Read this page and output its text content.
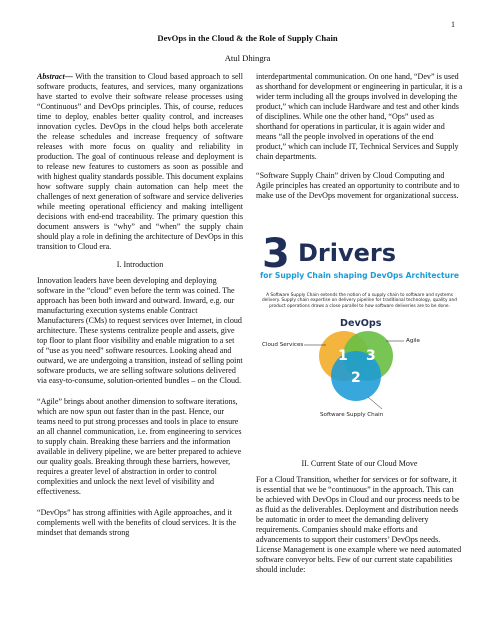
1
DevOps in the Cloud & the Role of Supply Chain
Atul Dhingra

Abstract— With the transition to Cloud based approach to sell software products, features, and services, many organizations have started to evolve their software release processes using “Continuous” and DevOps principles. This, of course, reduces time to deploy, enables better quality control, and increases innovation cycles. DevOps in the cloud helps both accelerate the release schedules and increase frequency of software releases with more focus on quality and reliability in production. The goal of continuous release and deployment is to release new features to customers as soon as possible and with highest quality standards possible. This document explains how software supply chain automation can help meet the challenges of next generation of software and service deliveries while meeting operational efficiency and making intelligent decisions with end-end traceability. The primary question this document answers is “why” and “when” the supply chain should play a role in defining the architecture of DevOps in this transition to Cloud era.

I. Introduction

Innovation leaders have been developing and deploying software in the “cloud” even before the term was coined. The approach has been both inward and outward. Inward, e.g. our manufacturing execution systems enable Contract Manufacturers (CMs) to request services over Internet, in cloud architecture. These systems centralize people and assets, give top floor to plant floor visibility and enable migration to a set of “use as you need” software resources. Looking ahead and outward, we are undergoing a transition, instead of selling point software products, we are selling software solutions delivered via easy-to-consume, solution-oriented bundles – on the Cloud.

“Agile” brings about another dimension to software iterations, which are now spun out faster than in the past. Hence, our teams need to put strong processes and tools in place to ensure an all channel communication, i.e. from engineering to services to supply chain. Breaking these barriers and the information available in delivery pipeline, we are better prepared to achieve our quality goals. Breaking through these barriers, however, requires a greater level of abstraction in order to control complexities and unlock the next level of visibility and effectiveness.

“DevOps” has strong affinities with Agile approaches, and it complements well with the benefits of cloud services. It is the mindset that demands strong

interdepartmental communication. On one hand, “Dev” is used as shorthand for development or engineering in particular, it is a wider term including all the groups involved in developing the product,” which can include Hardware and test and other kinds of disciplines. While one the other hand, “Ops” used as shorthand for operations in particular, it is again wider and means “all the people involved in operations of the end product,” which can include IT, Technical Services and Supply chain departments.

“Software Supply Chain” driven by Cloud Computing and Agile principles has created an opportunity to contribute and to make use of the DevOps movement for organizational success.

3 Drivers
for Supply Chain shaping DevOps Architecture
A Software Supply Chain extends the notion of a supply chain to software and systems delivery. Supply chain expertise on delivery pipeline for traditional technology, quality and product operations draws a close parallel to how software deliveries are to be done.
1 3
2
DevOps
Cloud Services
Agile
Software Supply Chain

II. Current State of our Cloud Move

For a Cloud Transition, whether for services or for software, it is essential that we be “continuous” in the approach. This can be achieved with DevOps in Cloud and our process needs to be as fluid as the deliverables. Deployment and distribution needs be automatic in order to meet the demanding delivery requirements. Companies should make efforts and advancements to support their customers’ DevOps needs. License Management is one example where we need automated software conveyor belts. Few of our current state capabilities should include:
